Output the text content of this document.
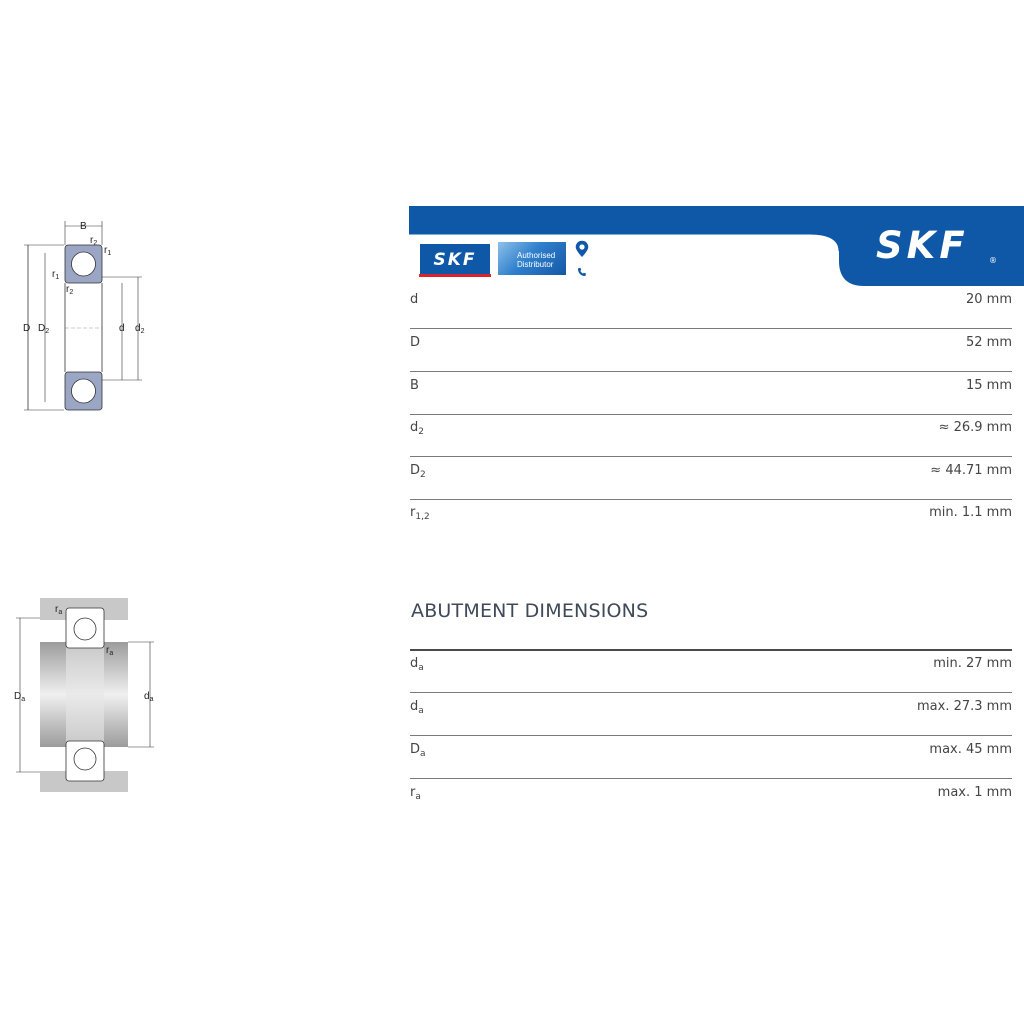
B
$r_2$
$r_1$
$r_1$
$r_2$
D $D_2$	d $d_2$
$D_a$	$d_a$
$r_a$
$r_a$
SKF	Authorised
Distributor
16 PHỐ HÀNG CHÁO - HÀ NỘI
090 285 2024
SKF	®
d	20 mm
D	52 mm
B	15 mm
$d_2$	≈ 26.9 mm
$D_2$	≈ 44.71 mm
$r_{1,2}$	min. 1.1 mm
ABUTMENT DIMENSIONS
$d_a$	min. 27 mm
$d_a$	max. 27.3 mm
$D_a$	max. 45 mm
$r_a$	max. 1 mm
